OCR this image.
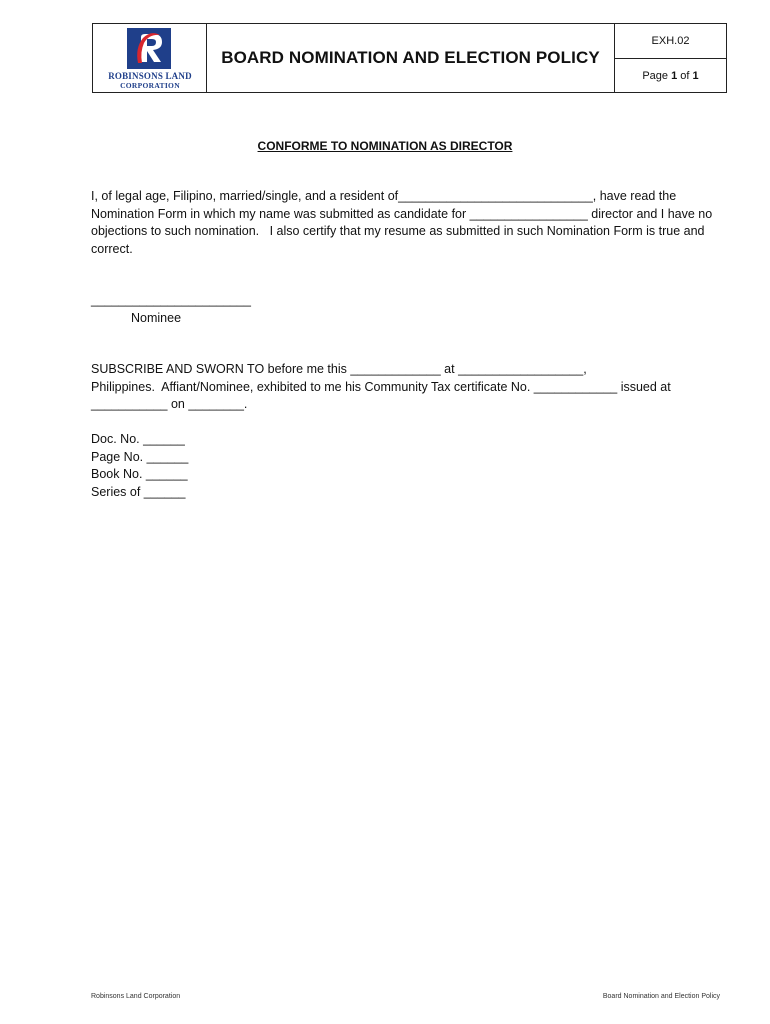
ROBINSONS LAND
CORPORATION
BOARD NOMINATION AND ELECTION POLICY
EXH.02
Page 1 of 1
CONFORME TO NOMINATION AS DIRECTOR
I, of legal age, Filipino, married/single, and a resident of____________________________, have read the
Nomination Form in which my name was submitted as candidate for _________________ director and I have no
objections to such nomination.   I also certify that my resume as submitted in such Nomination Form is true and
correct.
_______________________
Nominee
SUBSCRIBE AND SWORN TO before me this _____________ at __________________,
Philippines.  Affiant/Nominee, exhibited to me his Community Tax certificate No. ____________ issued at
___________ on ________.
Doc. No. ______
Page No. ______
Book No. ______
Series of ______
Robinsons Land Corporation	Board Nomination and Election Policy
